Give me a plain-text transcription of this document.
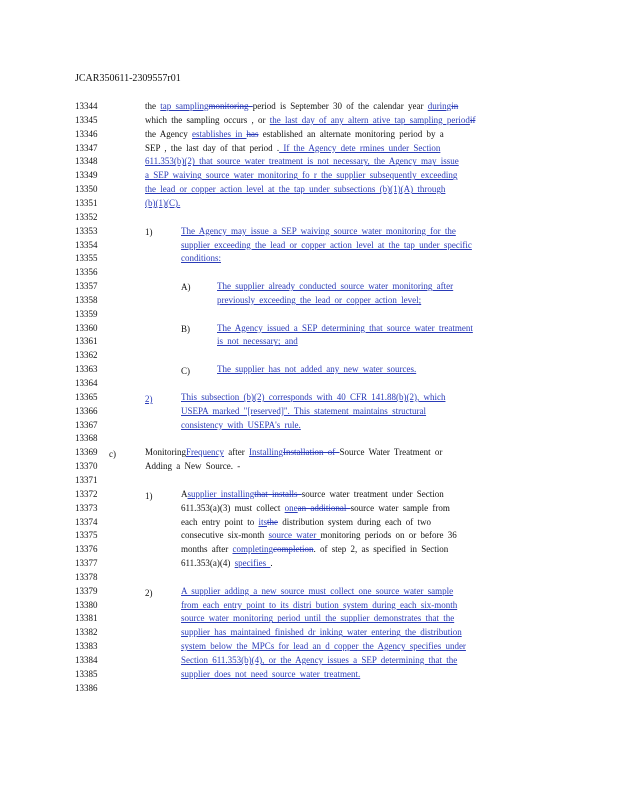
JCAR350611-2309557r01
13344
13345
13346
13347
13348
13349
13350
13351
13352
13353
13354
13355
13356
13357
13358
13359
13360
13361
13362
13363
13364
13365
13366
13367
13368
13369
13370
13371
13372
13373
13374
13375
13376
13377
13378
13379
13380
13381
13382
13383
13384
13385
13386
the tap samplingmonitoring period is September 30 of the calendar year duringin
which the sampling occurs , or the last day of any altern ative tap sampling periodif
the Agency establishes in has established an alternate monitoring period by a
SEP , the last day of that period . If the Agency dete rmines under Section
611.353(b)(2) that source water treatment is not necessary, the Agency may issue
a SEP waiving source water monitoring fo r the supplier subsequently exceeding
the lead or copper action level at the tap under subsections (b)(1)(A) through
(b)(1)(C).
The Agency may issue a SEP waiving source water monitoring for the
supplier exceeding the lead or copper action level at the tap under specific
conditions:
The supplier already conducted source water monitoring after
previously exceeding the lead or copper action level;
The Agency issued a SEP determining that source water treatment
is not necessary; and
The supplier has not added any new water sources.
This subsection (b)(2) corresponds with 40 CFR 141.88(b)(2), which
USEPA marked "[reserved]". This statement maintains structural
consistency with USEPA's rule.
MonitoringFrequency after InstallingInstallation of Source Water Treatment or
Adding a New Source. -
Asupplier installingthat installs source water treatment under Section
611.353(a)(3) must collect onean additional source water sample from
each entry point to itsthe distribution system during each of two
consecutive six-month source water monitoring periods on or before 36
months after completingcompletion. of step 2, as specified in Section
611.353(a)(4) specifies .
A supplier adding a new source must collect one source water sample
from each entry point to its distri bution system during each six-month
source water monitoring period until the supplier demonstrates that the
supplier has maintained finished dr inking water entering the distribution
system below the MPCs for lead an d copper the Agency specifies under
Section 611.353(b)(4), or the Agency issues a SEP determining that the
supplier does not need source water treatment.
1)
A)
B)
C)
2)
c)
1)
2)
